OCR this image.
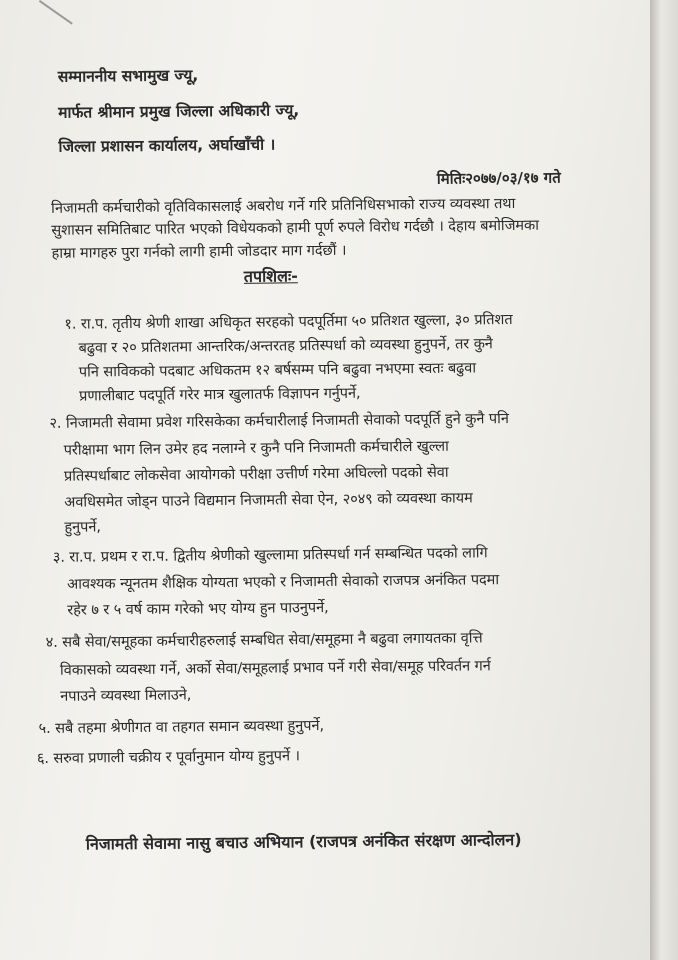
सम्माननीय सभामुख ज्यू,
मार्फत श्रीमान प्रमुख जिल्ला अधिकारी ज्यू,
जिल्ला प्रशासन कार्यालय, अर्घाखाँची ।
मितिः२०७७/०३/१७ गते
निजामती कर्मचारीको वृतिविकासलाई अबरोध गर्ने गरि प्रतिनिधिसभाको राज्य व्यवस्था तथा
सुशासन समितिबाट पारित भएको विधेयकको हामी पूर्ण रुपले विरोध गर्दछौ । देहाय बमोजिमका
हाम्रा मागहरु पुरा गर्नको लागी हामी जोडदार माग गर्दछौं ।
तपशिलः-
१. रा.प. तृतीय श्रेणी शाखा अधिकृत सरहको पदपूर्तिमा ५० प्रतिशत खुल्ला, ३० प्रतिशत
बढुवा र २० प्रतिशतमा आन्तरिक/अन्तरतह प्रतिस्पर्धा को व्यवस्था हुनुपर्ने, तर कुनै
पनि साविकको पदबाट अधिकतम १२ बर्षसम्म पनि बढुवा नभएमा स्वतः बढुवा
प्रणालीबाट पदपूर्ति गरेर मात्र खुलातर्फ विज्ञापन गर्नुपर्ने,
२. निजामती सेवामा प्रवेश गरिसकेका कर्मचारीलाई निजामती सेवाको पदपूर्ति हुने कुनै पनि
परीक्षामा भाग लिन उमेर हद नलाग्ने र कुनै पनि निजामती कर्मचारीले खुल्ला
प्रतिस्पर्धाबाट लोकसेवा आयोगको परीक्षा उत्तीर्ण गरेमा अघिल्लो पदको सेवा
अवधिसमेत जोड्न पाउने विद्यमान निजामती सेवा ऐन, २०४९ को व्यवस्था कायम
हुनुपर्ने,
३. रा.प. प्रथम र रा.प. द्वितीय श्रेणीको खुल्लामा प्रतिस्पर्धा गर्न सम्बन्धित पदको लागि
आवश्यक न्यूनतम शैक्षिक योग्यता भएको र निजामती सेवाको राजपत्र अनंकित पदमा
रहेर ७ र ५ वर्ष काम गरेको भए योग्य हुन पाउनुपर्ने,
४. सबै सेवा/समूहका कर्मचारीहरुलाई सम्बधित सेवा/समूहमा नै बढुवा लगायतका वृत्ति
विकासको व्यवस्था गर्ने, अर्को सेवा/समूहलाई प्रभाव पर्ने गरी सेवा/समूह परिवर्तन गर्न
नपाउने व्यवस्था मिलाउने,
५. सबै तहमा श्रेणीगत वा तहगत समान ब्यवस्था हुनुपर्ने,
६. सरुवा प्रणाली चक्रीय र पूर्वानुमान योग्य हुनुपर्ने ।
निजामती सेवामा नासु बचाउ अभियान (राजपत्र अनंकित संरक्षण आन्दोलन)
